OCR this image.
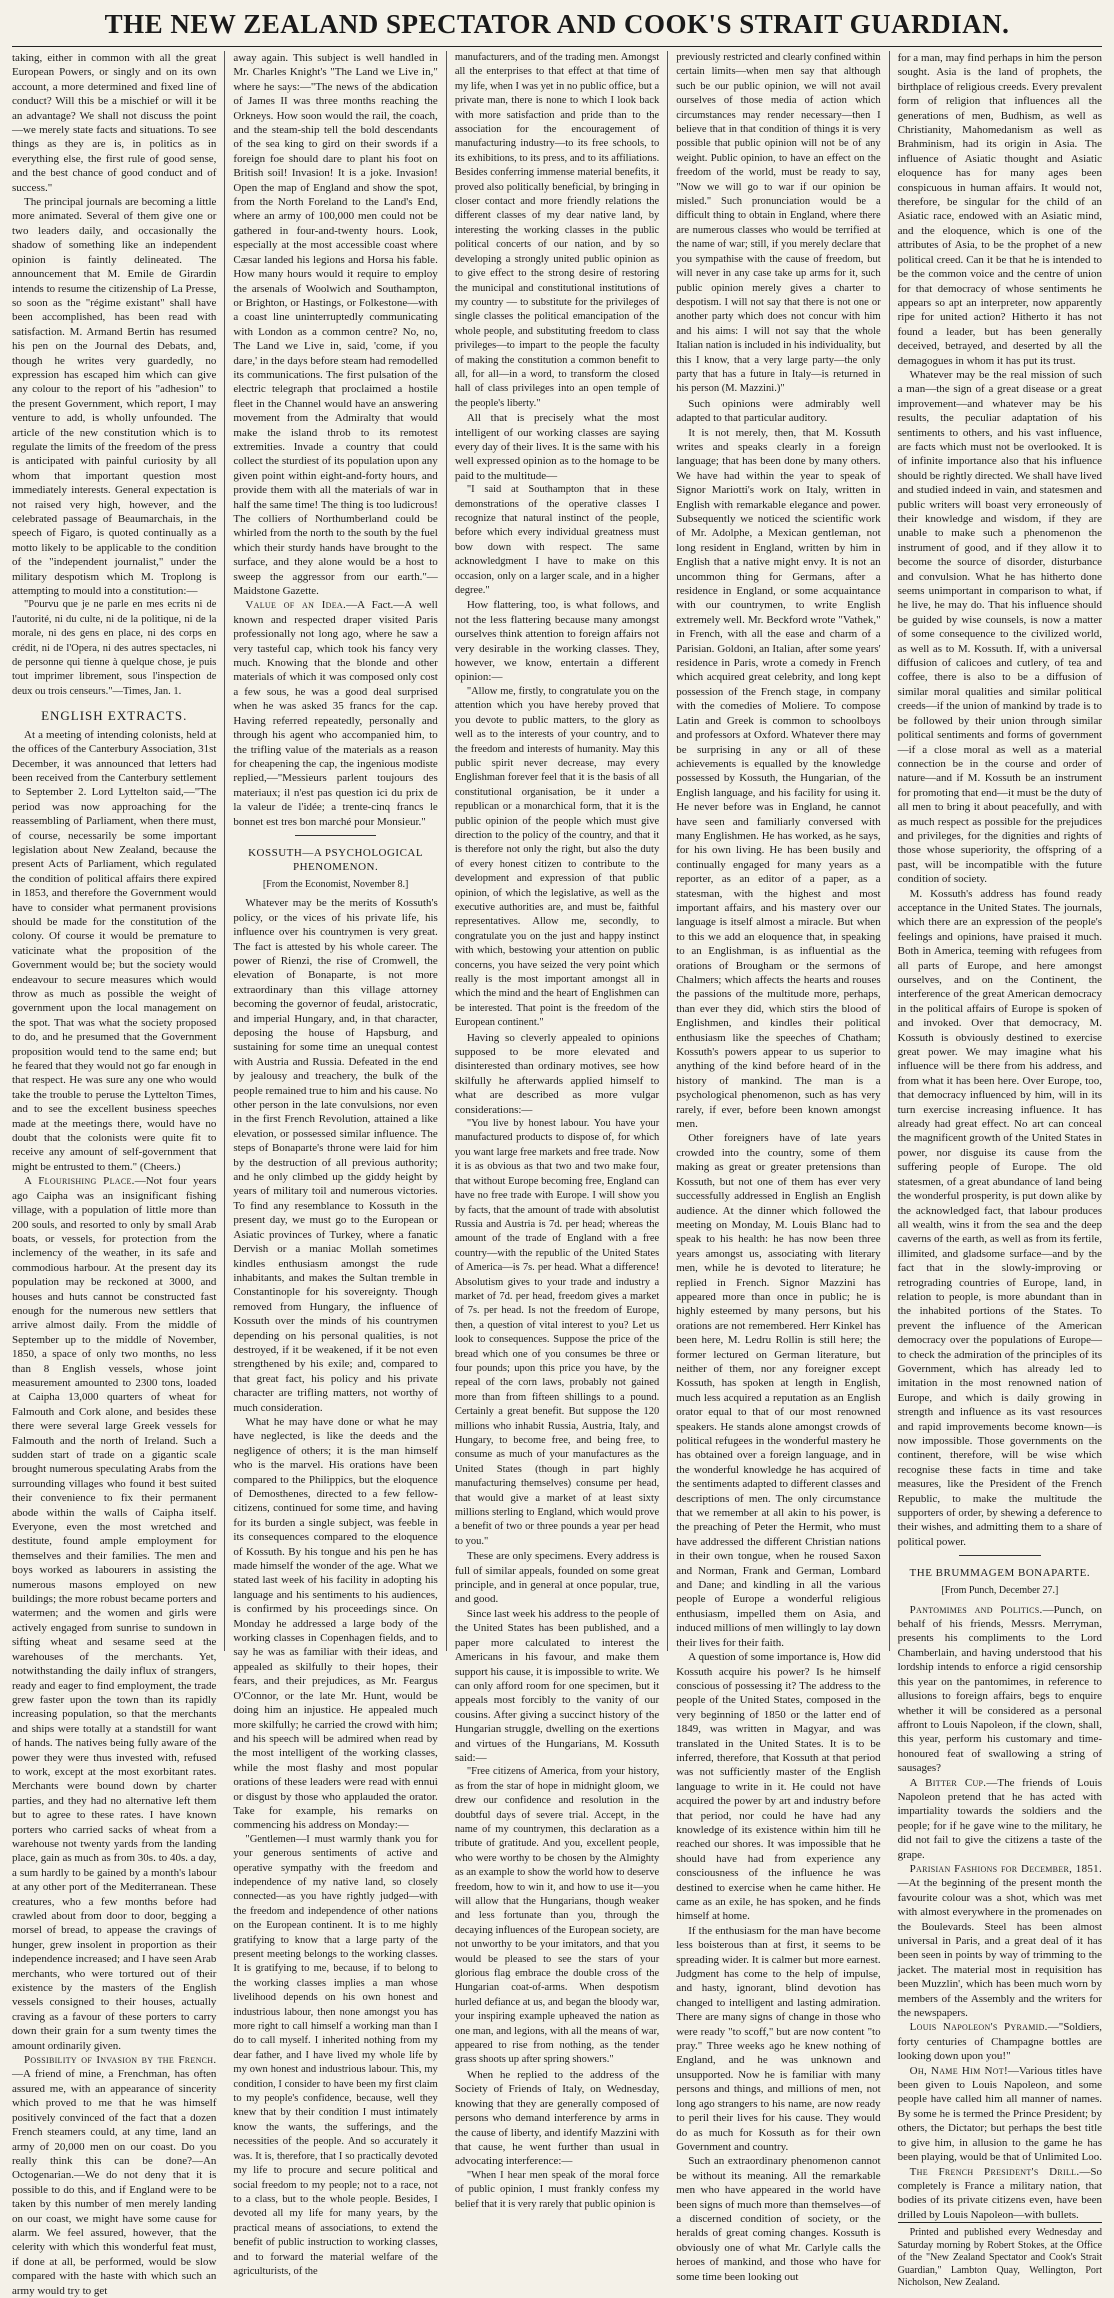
THE NEW ZEALAND SPECTATOR AND COOK'S STRAIT GUARDIAN.

taking, either in common with all the great European Powers, or singly and on its own account, a more determined and fixed line of conduct? Will this be a mischief or will it be an advantage? We shall not discuss the point—we merely state facts and situations. To see things as they are is, in politics as in everything else, the first rule of good sense, and the best chance of good conduct and of success."

The principal journals are becoming a little more animated. Several of them give one or two leaders daily, and occasionally the shadow of something like an independent opinion is faintly delineated. The announcement that M. Emile de Girardin intends to resume the citizenship of La Presse, so soon as the "régime existant" shall have been accomplished, has been read with satisfaction. M. Armand Bertin has resumed his pen on the Journal des Debats, and, though he writes very guardedly, no expression has escaped him which can give any colour to the report of his "adhesion" to the present Government, which report, I may venture to add, is wholly unfounded. The article of the new constitution which is to regulate the limits of the freedom of the press is anticipated with painful curiosity by all whom that important question most immediately interests. General expectation is not raised very high, however, and the celebrated passage of Beaumarchais, in the speech of Figaro, is quoted continually as a motto likely to be applicable to the condition of the "independent journalist," under the military despotism which M. Troplong is attempting to mould into a constitution:—

"Pourvu que je ne parle en mes ecrits ni de l'autorité, ni du culte, ni de la politique, ni de la morale, ni des gens en place, ni des corps en crédit, ni de l'Opera, ni des autres spectacles, ni de personne qui tienne à quelque chose, je puis tout imprimer librement, sous l'inspection de deux ou trois censeurs."—Times, Jan. 1.

ENGLISH EXTRACTS.

At a meeting of intending colonists, held at the offices of the Canterbury Association, 31st December, it was announced that letters had been received from the Canterbury settlement to September 2. Lord Lyttelton said,—"The period was now approaching for the reassembling of Parliament, when there must, of course, necessarily be some important legislation about New Zealand, because the present Acts of Parliament, which regulated the condition of political affairs there expired in 1853, and therefore the Government would have to consider what permanent provisions should be made for the constitution of the colony. Of course it would be premature to vaticinate what the proposition of the Government would be; but the society would endeavour to secure measures which would throw as much as possible the weight of government upon the local management on the spot. That was what the society proposed to do, and he presumed that the Government proposition would tend to the same end; but he feared that they would not go far enough in that respect. He was sure any one who would take the trouble to peruse the Lyttelton Times, and to see the excellent business speeches made at the meetings there, would have no doubt that the colonists were quite fit to receive any amount of self-government that might be entrusted to them." (Cheers.)

A Flourishing Place.—Not four years ago Caipha was an insignificant fishing village, with a population of little more than 200 souls, and resorted to only by small Arab boats, or vessels, for protection from the inclemency of the weather, in its safe and commodious harbour. At the present day its population may be reckoned at 3000, and houses and huts cannot be constructed fast enough for the numerous new settlers that arrive almost daily. From the middle of September up to the middle of November, 1850, a space of only two months, no less than 8 English vessels, whose joint measurement amounted to 2300 tons, loaded at Caipha 13,000 quarters of wheat for Falmouth and Cork alone, and besides these there were several large Greek vessels for Falmouth and the north of Ireland. Such a sudden start of trade on a gigantic scale brought numerous speculating Arabs from the surrounding villages who found it best suited their convenience to fix their permanent abode within the walls of Caipha itself. Everyone, even the most wretched and destitute, found ample employment for themselves and their families. The men and boys worked as labourers in assisting the numerous masons employed on new buildings; the more robust became porters and watermen; and the women and girls were actively engaged from sunrise to sundown in sifting wheat and sesame seed at the warehouses of the merchants. Yet, notwithstanding the daily influx of strangers, ready and eager to find employment, the trade grew faster upon the town than its rapidly increasing population, so that the merchants and ships were totally at a standstill for want of hands. The natives being fully aware of the power they were thus invested with, refused to work, except at the most exorbitant rates. Merchants were bound down by charter parties, and they had no alternative left them but to agree to these rates. I have known porters who carried sacks of wheat from a warehouse not twenty yards from the landing place, gain as much as from 30s. to 40s. a day, a sum hardly to be gained by a month's labour at any other port of the Mediterranean. These creatures, who a few months before had crawled about from door to door, begging a morsel of bread, to appease the cravings of hunger, grew insolent in proportion as their independence increased; and I have seen Arab merchants, who were tortured out of their existence by the masters of the English vessels consigned to their houses, actually craving as a favour of these porters to carry down their grain for a sum twenty times the amount ordinarily given.

Possibility of Invasion by the French.—A friend of mine, a Frenchman, has often assured me, with an appearance of sincerity which proved to me that he was himself positively convinced of the fact that a dozen French steamers could, at any time, land an army of 20,000 men on our coast. Do you really think this can be done?—An Octogenarian.—We do not deny that it is possible to do this, and if England were to be taken by this number of men merely landing on our coast, we might have some cause for alarm. We feel assured, however, that the celerity with which this wonderful feat must, if done at all, be performed, would be slow compared with the haste with which such an army would try to get

away again. This subject is well handled in Mr. Charles Knight's "The Land we Live in," where he says:—"The news of the abdication of James II was three months reaching the Orkneys. How soon would the rail, the coach, and the steam-ship tell the bold descendants of the sea king to gird on their swords if a foreign foe should dare to plant his foot on British soil! Invasion! It is a joke. Invasion! Open the map of England and show the spot, from the North Foreland to the Land's End, where an army of 100,000 men could not be gathered in four-and-twenty hours. Look, especially at the most accessible coast where Cæsar landed his legions and Horsa his fable. How many hours would it require to employ the arsenals of Woolwich and Southampton, or Brighton, or Hastings, or Folkestone—with a coast line uninterruptedly communicating with London as a common centre? No, no, The Land we Live in, said, 'come, if you dare,' in the days before steam had remodelled its communications. The first pulsation of the electric telegraph that proclaimed a hostile fleet in the Channel would have an answering movement from the Admiralty that would make the island throb to its remotest extremities. Invade a country that could collect the sturdiest of its population upon any given point within eight-and-forty hours, and provide them with all the materials of war in half the same time! The thing is too ludicrous! The colliers of Northumberland could be whirled from the north to the south by the fuel which their sturdy hands have brought to the surface, and they alone would be a host to sweep the aggressor from our earth."—Maidstone Gazette.

Value of an Idea.—A Fact.—A well known and respected draper visited Paris professionally not long ago, where he saw a very tasteful cap, which took his fancy very much. Knowing that the blonde and other materials of which it was composed only cost a few sous, he was a good deal surprised when he was asked 35 francs for the cap. Having referred repeatedly, personally and through his agent who accompanied him, to the trifling value of the materials as a reason for cheapening the cap, the ingenious modiste replied,—"Messieurs parlent toujours des materiaux; il n'est pas question ici du prix de la valeur de l'idée; a trente-cinq francs le bonnet est tres bon marché pour Monsieur."

KOSSUTH—A PSYCHOLOGICAL PHENOMENON.
[From the Economist, November 8.]

Whatever may be the merits of Kossuth's policy, or the vices of his private life, his influence over his countrymen is very great. The fact is attested by his whole career. The power of Rienzi, the rise of Cromwell, the elevation of Bonaparte, is not more extraordinary than this village attorney becoming the governor of feudal, aristocratic, and imperial Hungary, and, in that character, deposing the house of Hapsburg, and sustaining for some time an unequal contest with Austria and Russia. Defeated in the end by jealousy and treachery, the bulk of the people remained true to him and his cause. No other person in the late convulsions, nor even in the first French Revolution, attained a like elevation, or possessed similar influence. The steps of Bonaparte's throne were laid for him by the destruction of all previous authority; and he only climbed up the giddy height by years of military toil and numerous victories. To find any resemblance to Kossuth in the present day, we must go to the European or Asiatic provinces of Turkey, where a fanatic Dervish or a maniac Mollah sometimes kindles enthusiasm amongst the rude inhabitants, and makes the Sultan tremble in Constantinople for his sovereignty. Though removed from Hungary, the influence of Kossuth over the minds of his countrymen depending on his personal qualities, is not destroyed, if it be weakened, if it be not even strengthened by his exile; and, compared to that great fact, his policy and his private character are trifling matters, not worthy of much consideration.

What he may have done or what he may have neglected, is like the deeds and the negligence of others; it is the man himself who is the marvel. His orations have been compared to the Philippics, but the eloquence of Demosthenes, directed to a few fellow-citizens, continued for some time, and having for its burden a single subject, was feeble in its consequences compared to the eloquence of Kossuth. By his tongue and his pen he has made himself the wonder of the age. What we stated last week of his facility in adopting his language and his sentiments to his audiences, is confirmed by his proceedings since. On Monday he addressed a large body of the working classes in Copenhagen fields, and to say he was as familiar with their ideas, and appealed as skilfully to their hopes, their fears, and their prejudices, as Mr. Feargus O'Connor, or the late Mr. Hunt, would be doing him an injustice. He appealed much more skilfully; he carried the crowd with him; and his speech will be admired when read by the most intelligent of the working classes, while the most flashy and most popular orations of these leaders were read with ennui or disgust by those who applauded the orator. Take for example, his remarks on commencing his address on Monday:—

"Gentlemen—I must warmly thank you for your generous sentiments of active and operative sympathy with the freedom and independence of my native land, so closely connected—as you have rightly judged—with the freedom and independence of other nations on the European continent. It is to me highly gratifying to know that a large party of the present meeting belongs to the working classes. It is gratifying to me, because, if to belong to the working classes implies a man whose livelihood depends on his own honest and industrious labour, then none amongst you has more right to call himself a working man than I do to call myself. I inherited nothing from my dear father, and I have lived my whole life by my own honest and industrious labour. This, my condition, I consider to have been my first claim to my people's confidence, because, well they knew that by their condition I must intimately know the wants, the sufferings, and the necessities of the people. And so accurately it was. It is, therefore, that I so practically devoted my life to procure and secure political and social freedom to my people; not to a race, not to a class, but to the whole people. Besides, I devoted all my life for many years, by the practical means of associations, to extend the benefit of public instruction to working classes, and to forward the material welfare of the agriculturists, of the

manufacturers, and of the trading men. Amongst all the enterprises to that effect at that time of my life, when I was yet in no public office, but a private man, there is none to which I look back with more satisfaction and pride than to the association for the encouragement of manufacturing industry—to its free schools, to its exhibitions, to its press, and to its affiliations. Besides conferring immense material benefits, it proved also politically beneficial, by bringing in closer contact and more friendly relations the different classes of my dear native land, by interesting the working classes in the public political concerts of our nation, and by so developing a strongly united public opinion as to give effect to the strong desire of restoring the municipal and constitutional institutions of my country — to substitute for the privileges of single classes the political emancipation of the whole people, and substituting freedom to class privileges—to impart to the people the faculty of making the constitution a common benefit to all, for all—in a word, to transform the closed hall of class privileges into an open temple of the people's liberty."

All that is precisely what the most intelligent of our working classes are saying every day of their lives. It is the same with his well expressed opinion as to the homage to be paid to the multitude—

"I said at Southampton that in these demonstrations of the operative classes I recognize that natural instinct of the people, before which every individual greatness must bow down with respect. The same acknowledgment I have to make on this occasion, only on a larger scale, and in a higher degree."

How flattering, too, is what follows, and not the less flattering because many amongst ourselves think attention to foreign affairs not very desirable in the working classes. They, however, we know, entertain a different opinion:—

"Allow me, firstly, to congratulate you on the attention which you have hereby proved that you devote to public matters, to the glory as well as to the interests of your country, and to the freedom and interests of humanity. May this public spirit never decrease, may every Englishman forever feel that it is the basis of all constitutional organisation, be it under a republican or a monarchical form, that it is the public opinion of the people which must give direction to the policy of the country, and that it is therefore not only the right, but also the duty of every honest citizen to contribute to the development and expression of that public opinion, of which the legislative, as well as the executive authorities are, and must be, faithful representatives. Allow me, secondly, to congratulate you on the just and happy instinct with which, bestowing your attention on public concerns, you have seized the very point which really is the most important amongst all in which the mind and the heart of Englishmen can be interested. That point is the freedom of the European continent."

Having so cleverly appealed to opinions supposed to be more elevated and disinterested than ordinary motives, see how skilfully he afterwards applied himself to what are described as more vulgar considerations:—

"You live by honest labour. You have your manufactured products to dispose of, for which you want large free markets and free trade. Now it is as obvious as that two and two make four, that without Europe becoming free, England can have no free trade with Europe. I will show you by facts, that the amount of trade with absolutist Russia and Austria is 7d. per head; whereas the amount of the trade of England with a free country—with the republic of the United States of America—is 7s. per head. What a difference! Absolutism gives to your trade and industry a market of 7d. per head, freedom gives a market of 7s. per head. Is not the freedom of Europe, then, a question of vital interest to you? Let us look to consequences. Suppose the price of the bread which one of you consumes be three or four pounds; upon this price you have, by the repeal of the corn laws, probably not gained more than from fifteen shillings to a pound. Certainly a great benefit. But suppose the 120 millions who inhabit Russia, Austria, Italy, and Hungary, to become free, and being free, to consume as much of your manufactures as the United States (though in part highly manufacturing themselves) consume per head, that would give a market of at least sixty millions sterling to England, which would prove a benefit of two or three pounds a year per head to you."

These are only specimens. Every address is full of similar appeals, founded on some great principle, and in general at once popular, true, and good.

Since last week his address to the people of the United States has been published, and a paper more calculated to interest the Americans in his favour, and make them support his cause, it is impossible to write. We can only afford room for one specimen, but it appeals most forcibly to the vanity of our cousins. After giving a succinct history of the Hungarian struggle, dwelling on the exertions and virtues of the Hungarians, M. Kossuth said:—

"Free citizens of America, from your history, as from the star of hope in midnight gloom, we drew our confidence and resolution in the doubtful days of severe trial. Accept, in the name of my countrymen, this declaration as a tribute of gratitude. And you, excellent people, who were worthy to be chosen by the Almighty as an example to show the world how to deserve freedom, how to win it, and how to use it—you will allow that the Hungarians, though weaker and less fortunate than you, through the decaying influences of the European society, are not unworthy to be your imitators, and that you would be pleased to see the stars of your glorious flag embrace the double cross of the Hungarian coat-of-arms. When despotism hurled defiance at us, and began the bloody war, your inspiring example upheaved the nation as one man, and legions, with all the means of war, appeared to rise from nothing, as the tender grass shoots up after spring showers."

When he replied to the address of the Society of Friends of Italy, on Wednesday, knowing that they are generally composed of persons who demand interference by arms in the cause of liberty, and identify Mazzini with that cause, he went further than usual in advocating interference:—

"When I hear men speak of the moral force of public opinion, I must frankly confess my belief that it is very rarely that public opinion is

previously restricted and clearly confined within certain limits—when men say that although such be our public opinion, we will not avail ourselves of those media of action which circumstances may render necessary—then I believe that in that condition of things it is very possible that public opinion will not be of any weight. Public opinion, to have an effect on the freedom of the world, must be ready to say, "Now we will go to war if our opinion be misled." Such pronunciation would be a difficult thing to obtain in England, where there are numerous classes who would be terrified at the name of war; still, if you merely declare that you sympathise with the cause of freedom, but will never in any case take up arms for it, such public opinion merely gives a charter to despotism. I will not say that there is not one or another party which does not concur with him and his aims: I will not say that the whole Italian nation is included in his individuality, but this I know, that a very large party—the only party that has a future in Italy—is returned in his person (M. Mazzini.)"

Such opinions were admirably well adapted to that particular auditory.

It is not merely, then, that M. Kossuth writes and speaks clearly in a foreign language; that has been done by many others. We have had within the year to speak of Signor Mariotti's work on Italy, written in English with remarkable elegance and power. Subsequently we noticed the scientific work of Mr. Adolphe, a Mexican gentleman, not long resident in England, written by him in English that a native might envy. It is not an uncommon thing for Germans, after a residence in England, or some acquaintance with our countrymen, to write English extremely well. Mr. Beckford wrote "Vathek," in French, with all the ease and charm of a Parisian. Goldoni, an Italian, after some years' residence in Paris, wrote a comedy in French which acquired great celebrity, and long kept possession of the French stage, in company with the comedies of Moliere. To compose Latin and Greek is common to schoolboys and professors at Oxford. Whatever there may be surprising in any or all of these achievements is equalled by the knowledge possessed by Kossuth, the Hungarian, of the English language, and his facility for using it. He never before was in England, he cannot have seen and familiarly conversed with many Englishmen. He has worked, as he says, for his own living. He has been busily and continually engaged for many years as a reporter, as an editor of a paper, as a statesman, with the highest and most important affairs, and his mastery over our language is itself almost a miracle. But when to this we add an eloquence that, in speaking to an Englishman, is as influential as the orations of Brougham or the sermons of Chalmers; which affects the hearts and rouses the passions of the multitude more, perhaps, than ever they did, which stirs the blood of Englishmen, and kindles their political enthusiasm like the speeches of Chatham; Kossuth's powers appear to us superior to anything of the kind before heard of in the history of mankind. The man is a psychological phenomenon, such as has very rarely, if ever, before been known amongst men.

Other foreigners have of late years crowded into the country, some of them making as great or greater pretensions than Kossuth, but not one of them has ever very successfully addressed in English an English audience. At the dinner which followed the meeting on Monday, M. Louis Blanc had to speak to his health: he has now been three years amongst us, associating with literary men, while he is devoted to literature; he replied in French. Signor Mazzini has appeared more than once in public; he is highly esteemed by many persons, but his orations are not remembered. Herr Kinkel has been here, M. Ledru Rollin is still here; the former lectured on German literature, but neither of them, nor any foreigner except Kossuth, has spoken at length in English, much less acquired a reputation as an English orator equal to that of our most renowned speakers. He stands alone amongst crowds of political refugees in the wonderful mastery he has obtained over a foreign language, and in the wonderful knowledge he has acquired of the sentiments adapted to different classes and descriptions of men. The only circumstance that we remember at all akin to his power, is the preaching of Peter the Hermit, who must have addressed the different Christian nations in their own tongue, when he roused Saxon and Norman, Frank and German, Lombard and Dane; and kindling in all the various people of Europe a wonderful religious enthusiasm, impelled them on Asia, and induced millions of men willingly to lay down their lives for their faith.

A question of some importance is, How did Kossuth acquire his power? Is he himself conscious of possessing it? The address to the people of the United States, composed in the very beginning of 1850 or the latter end of 1849, was written in Magyar, and was translated in the United States. It is to be inferred, therefore, that Kossuth at that period was not sufficiently master of the English language to write in it. He could not have acquired the power by art and industry before that period, nor could he have had any knowledge of its existence within him till he reached our shores. It was impossible that he should have had from experience any consciousness of the influence he was destined to exercise when he came hither. He came as an exile, he has spoken, and he finds himself at home.

If the enthusiasm for the man have become less boisterous than at first, it seems to be spreading wider. It is calmer but more earnest. Judgment has come to the help of impulse, and hasty, ignorant, blind devotion has changed to intelligent and lasting admiration. There are many signs of change in those who were ready "to scoff," but are now content "to pray." Three weeks ago he knew nothing of England, and he was unknown and unsupported. Now he is familiar with many persons and things, and millions of men, not long ago strangers to his name, are now ready to peril their lives for his cause. They would do as much for Kossuth as for their own Government and country.

Such an extraordinary phenomenon cannot be without its meaning. All the remarkable men who have appeared in the world have been signs of much more than themselves—of a discerned condition of society, or the heralds of great coming changes. Kossuth is obviously one of what Mr. Carlyle calls the heroes of mankind, and those who have for some time been looking out

for a man, may find perhaps in him the person sought. Asia is the land of prophets, the birthplace of religious creeds. Every prevalent form of religion that influences all the generations of men, Budhism, as well as Christianity, Mahomedanism as well as Brahminism, had its origin in Asia. The influence of Asiatic thought and Asiatic eloquence has for many ages been conspicuous in human affairs. It would not, therefore, be singular for the child of an Asiatic race, endowed with an Asiatic mind, and the eloquence, which is one of the attributes of Asia, to be the prophet of a new political creed. Can it be that he is intended to be the common voice and the centre of union for that democracy of whose sentiments he appears so apt an interpreter, now apparently ripe for united action? Hitherto it has not found a leader, but has been generally deceived, betrayed, and deserted by all the demagogues in whom it has put its trust.

Whatever may be the real mission of such a man—the sign of a great disease or a great improvement—and whatever may be his results, the peculiar adaptation of his sentiments to others, and his vast influence, are facts which must not be overlooked. It is of infinite importance also that his influence should be rightly directed. We shall have lived and studied indeed in vain, and statesmen and public writers will boast very erroneously of their knowledge and wisdom, if they are unable to make such a phenomenon the instrument of good, and if they allow it to become the source of disorder, disturbance and convulsion. What he has hitherto done seems unimportant in comparison to what, if he live, he may do. That his influence should be guided by wise counsels, is now a matter of some consequence to the civilized world, as well as to M. Kossuth. If, with a universal diffusion of calicoes and cutlery, of tea and coffee, there is also to be a diffusion of similar moral qualities and similar political creeds—if the union of mankind by trade is to be followed by their union through similar political sentiments and forms of government—if a close moral as well as a material connection be in the course and order of nature—and if M. Kossuth be an instrument for promoting that end—it must be the duty of all men to bring it about peacefully, and with as much respect as possible for the prejudices and privileges, for the dignities and rights of those whose superiority, the offspring of a past, will be incompatible with the future condition of society.

M. Kossuth's address has found ready acceptance in the United States. The journals, which there are an expression of the people's feelings and opinions, have praised it much. Both in America, teeming with refugees from all parts of Europe, and here amongst ourselves, and on the Continent, the interference of the great American democracy in the political affairs of Europe is spoken of and invoked. Over that democracy, M. Kossuth is obviously destined to exercise great power. We may imagine what his influence will be there from his address, and from what it has been here. Over Europe, too, that democracy influenced by him, will in its turn exercise increasing influence. It has already had great effect. No art can conceal the magnificent growth of the United States in power, nor disguise its cause from the suffering people of Europe. The old statesmen, of a great abundance of land being the wonderful prosperity, is put down alike by the acknowledged fact, that labour produces all wealth, wins it from the sea and the deep caverns of the earth, as well as from its fertile, illimited, and gladsome surface—and by the fact that in the slowly-improving or retrograding countries of Europe, land, in relation to people, is more abundant than in the inhabited portions of the States. To prevent the influence of the American democracy over the populations of Europe—to check the admiration of the principles of its Government, which has already led to imitation in the most renowned nation of Europe, and which is daily growing in strength and influence as its vast resources and rapid improvements become known—is now impossible. Those governments on the continent, therefore, will be wise which recognise these facts in time and take measures, like the President of the French Republic, to make the multitude the supporters of order, by shewing a deference to their wishes, and admitting them to a share of political power.

THE BRUMMAGEM BONAPARTE.
[From Punch, December 27.]

Pantomimes and Politics.—Punch, on behalf of his friends, Messrs. Merryman, presents his compliments to the Lord Chamberlain, and having understood that his lordship intends to enforce a rigid censorship this year on the pantomimes, in reference to allusions to foreign affairs, begs to enquire whether it will be considered as a personal affront to Louis Napoleon, if the clown, shall, this year, perform his customary and time-honoured feat of swallowing a string of sausages?

A Bitter Cup.—The friends of Louis Napoleon pretend that he has acted with impartiality towards the soldiers and the people; for if he gave wine to the military, he did not fail to give the citizens a taste of the grape.

Parisian Fashions for December, 1851.—At the beginning of the present month the favourite colour was a shot, which was met with almost everywhere in the promenades on the Boulevards. Steel has been almost universal in Paris, and a great deal of it has been seen in points by way of trimming to the jacket. The material most in requisition has been Muzzlin', which has been much worn by members of the Assembly and the writers for the newspapers.

Louis Napoleon's Pyramid.—"Soldiers, forty centuries of Champagne bottles are looking down upon you!"

Oh, Name Him Not!—Various titles have been given to Louis Napoleon, and some people have called him all manner of names. By some he is termed the Prince President; by others, the Dictator; but perhaps the best title to give him, in allusion to the game he has been playing, would be that of Unlimited Loo.

The French President's Drill.—So completely is France a military nation, that bodies of its private citizens even, have been drilled by Louis Napoleon—with bullets.

Printed and published every Wednesday and Saturday morning by Robert Stokes, at the Office of the "New Zealand Spectator and Cook's Strait Guardian," Lambton Quay, Wellington, Port Nicholson, New Zealand.
